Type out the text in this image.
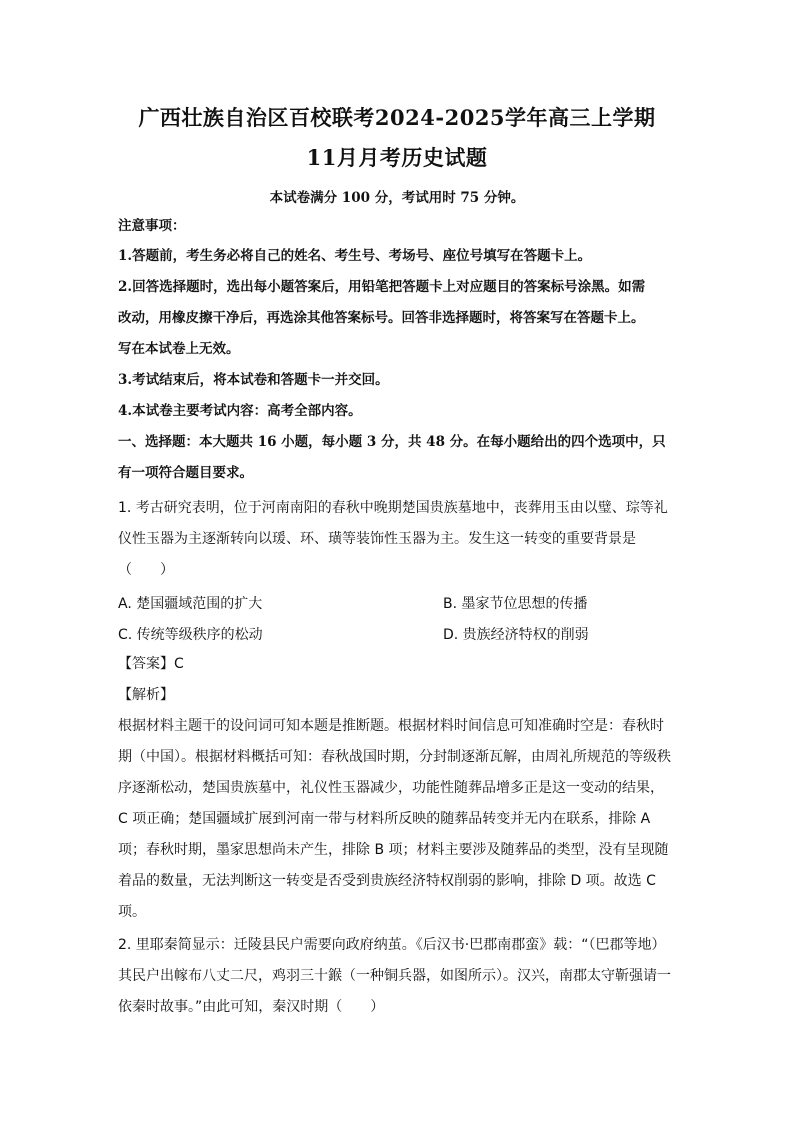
广西壮族自治区百校联考2024-2025学年高三上学期
11月月考历史试题
本试卷满分 100 分，考试用时 75 分钟。
注意事项：
1.答题前，考生务必将自己的姓名、考生号、考场号、座位号填写在答题卡上。
2.回答选择题时，选出每小题答案后，用铅笔把答题卡上对应题目的答案标号涂黑。如需
改动，用橡皮擦干净后，再选涂其他答案标号。回答非选择题时，将答案写在答题卡上。
写在本试卷上无效。
3.考试结束后，将本试卷和答题卡一并交回。
4.本试卷主要考试内容：高考全部内容。
一、选择题：本大题共 16 小题，每小题 3 分，共 48 分。在每小题给出的四个选项中，只
有一项符合题目要求。
1. 考古研究表明，位于河南南阳的春秋中晚期楚国贵族墓地中，丧葬用玉由以璧、琮等礼
仪性玉器为主逐渐转向以瑗、环、璜等装饰性玉器为主。发生这一转变的重要背景是
（　　）
A. 楚国疆域范围的扩大	B. 墨家节位思想的传播
C. 传统等级秩序的松动	D. 贵族经济特权的削弱
【答案】C
【解析】
根据材料主题干的设问词可知本题是推断题。根据材料时间信息可知准确时空是：春秋时
期（中国）。根据材料概括可知：春秋战国时期，分封制逐渐瓦解，由周礼所规范的等级秩
序逐渐松动，楚国贵族墓中，礼仪性玉器减少，功能性随葬品增多正是这一变动的结果，
C 项正确；楚国疆域扩展到河南一带与材料所反映的随葬品转变并无内在联系，排除 A
项；春秋时期，墨家思想尚未产生，排除 B 项；材料主要涉及随葬品的类型，没有呈现随
着品的数量，无法判断这一转变是否受到贵族经济特权削弱的影响，排除 D 项。故选 C
项。
2. 里耶秦简显示：迁陵县民户需要向政府纳茧。《后汉书·巴郡南郡蛮》载：“（巴郡等地）
其民户出幏布八丈二尺，鸡羽三十鍭（一种铜兵器，如图所示）。汉兴，南郡太守靳强请一
依秦时故事。”由此可知，秦汉时期（　　）
